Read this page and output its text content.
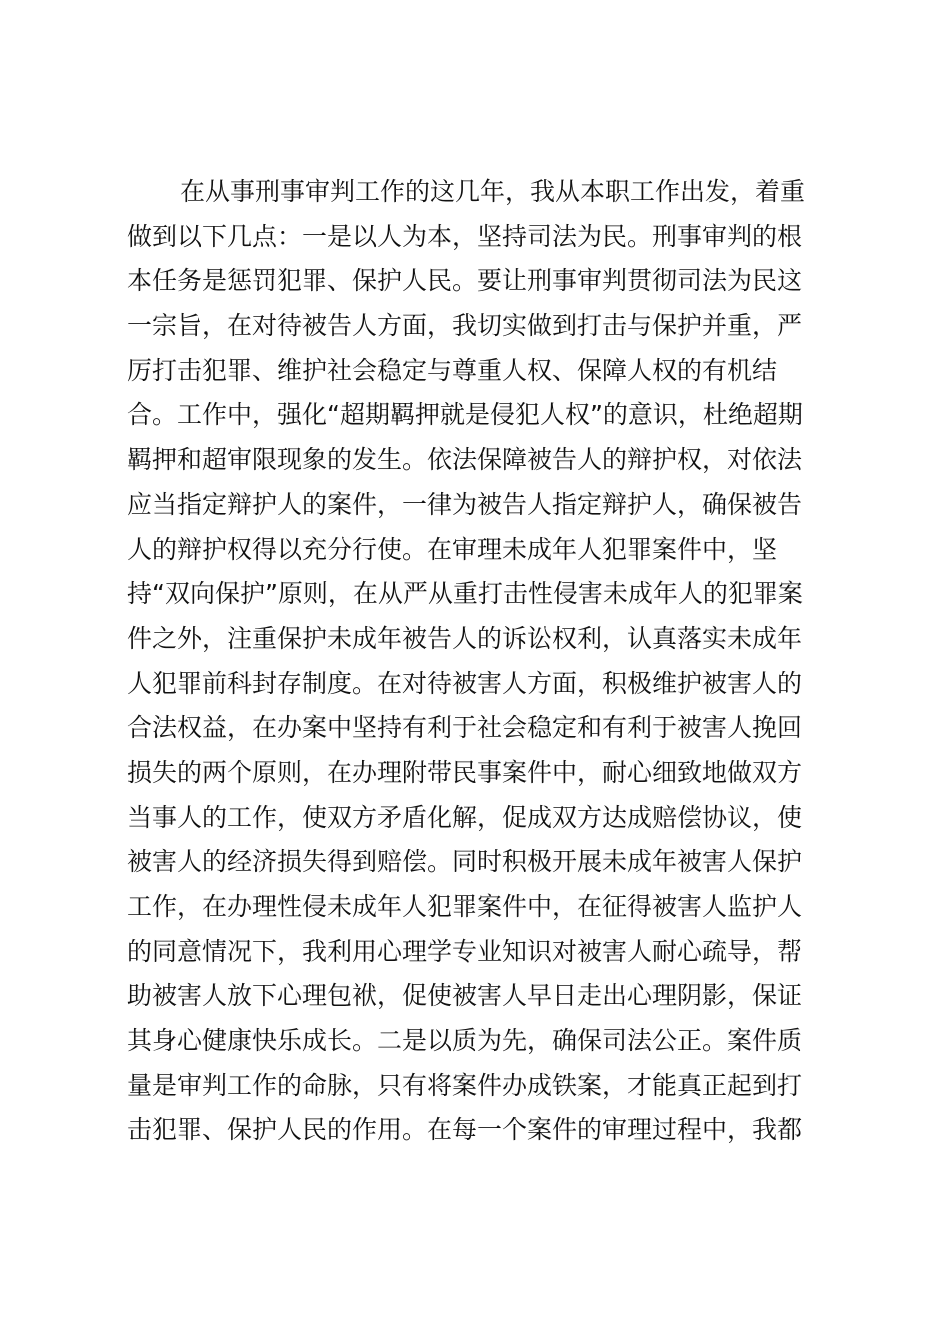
在从事刑事审判工作的这几年，我从本职工作出发，着重
做到以下几点：一是以人为本，坚持司法为民。刑事审判的根
本任务是惩罚犯罪、保护人民。要让刑事审判贯彻司法为民这
一宗旨，在对待被告人方面，我切实做到打击与保护并重，严
厉打击犯罪、维护社会稳定与尊重人权、保障人权的有机结
合。工作中，强化“超期羁押就是侵犯人权”的意识，杜绝超期
羁押和超审限现象的发生。依法保障被告人的辩护权，对依法
应当指定辩护人的案件，一律为被告人指定辩护人，确保被告
人的辩护权得以充分行使。在审理未成年人犯罪案件中，坚
持“双向保护”原则，在从严从重打击性侵害未成年人的犯罪案
件之外，注重保护未成年被告人的诉讼权利，认真落实未成年
人犯罪前科封存制度。在对待被害人方面，积极维护被害人的
合法权益，在办案中坚持有利于社会稳定和有利于被害人挽回
损失的两个原则，在办理附带民事案件中，耐心细致地做双方
当事人的工作，使双方矛盾化解，促成双方达成赔偿协议，使
被害人的经济损失得到赔偿。同时积极开展未成年被害人保护
工作，在办理性侵未成年人犯罪案件中，在征得被害人监护人
的同意情况下，我利用心理学专业知识对被害人耐心疏导，帮
助被害人放下心理包袱，促使被害人早日走出心理阴影，保证
其身心健康快乐成长。二是以质为先，确保司法公正。案件质
量是审判工作的命脉，只有将案件办成铁案，才能真正起到打
击犯罪、保护人民的作用。在每一个案件的审理过程中，我都
